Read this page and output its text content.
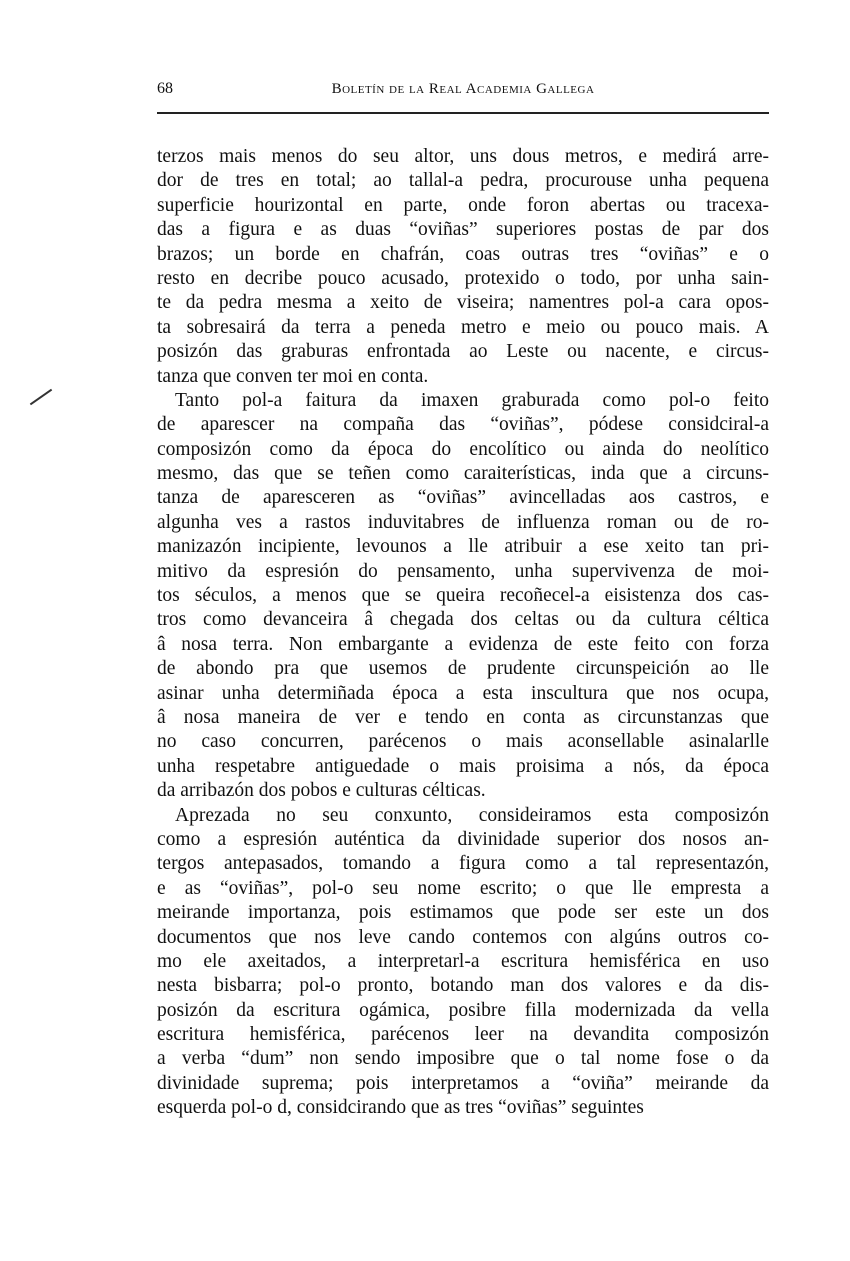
68	Boletín de la Real Academia Gallega
terzos mais menos do seu altor, uns dous metros, e medirá arre-
dor de tres en total; ao tallal-a pedra, procurouse unha pequena
superficie hourizontal en parte, onde foron abertas ou tracexa-
das a figura e as duas “oviñas” superiores postas de par dos
brazos; un borde en chafrán, coas outras tres “oviñas” e o
resto en decribe pouco acusado, protexido o todo, por unha sain-
te da pedra mesma a xeito de viseira; namentres pol-a cara opos-
ta sobresairá da terra a peneda metro e meio ou pouco mais. A
posizón das graburas enfrontada ao Leste ou nacente, e circus-
tanza que conven ter moi en conta.
Tanto pol-a faitura da imaxen graburada como pol-o feito
de aparescer na compaña das “oviñas”, pódese considciral-a
composizón como da época do encolítico ou ainda do neolítico
mesmo, das que se teñen como caraiterísticas, inda que a circuns-
tanza de aparesceren as “oviñas” avincelladas aos castros, e
algunha ves a rastos induvitabres de influenza roman ou de ro-
manizazón incipiente, levounos a lle atribuir a ese xeito tan pri-
mitivo da espresión do pensamento, unha supervivenza de moi-
tos séculos, a menos que se queira recoñecel-a eisistenza dos cas-
tros como devanceira â chegada dos celtas ou da cultura céltica
â nosa terra. Non embargante a evidenza de este feito con forza
de abondo pra que usemos de prudente circunspeición ao lle
asinar unha determiñada época a esta inscultura que nos ocupa,
â nosa maneira de ver e tendo en conta as circunstanzas que
no caso concurren, parécenos o mais aconsellable asinalarlle
unha respetabre antiguedade o mais proisima a nós, da época
da arribazón dos pobos e culturas célticas.
Aprezada no seu conxunto, consideiramos esta composizón
como a espresión auténtica da divinidade superior dos nosos an-
tergos antepasados, tomando a figura como a tal representazón,
e as “oviñas”, pol-o seu nome escrito; o que lle empresta a
meirande importanza, pois estimamos que pode ser este un dos
documentos que nos leve cando contemos con algúns outros co-
mo ele axeitados, a interpretarl-a escritura hemisférica en uso
nesta bisbarra; pol-o pronto, botando man dos valores e da dis-
posizón da escritura ogámica, posibre filla modernizada da vella
escritura hemisférica, parécenos leer na devandita composizón
a verba “dum” non sendo imposibre que o tal nome fose o da
divinidade suprema; pois interpretamos a “oviña” meirande da
esquerda pol-o d, considcirando que as tres “oviñas” seguintes
